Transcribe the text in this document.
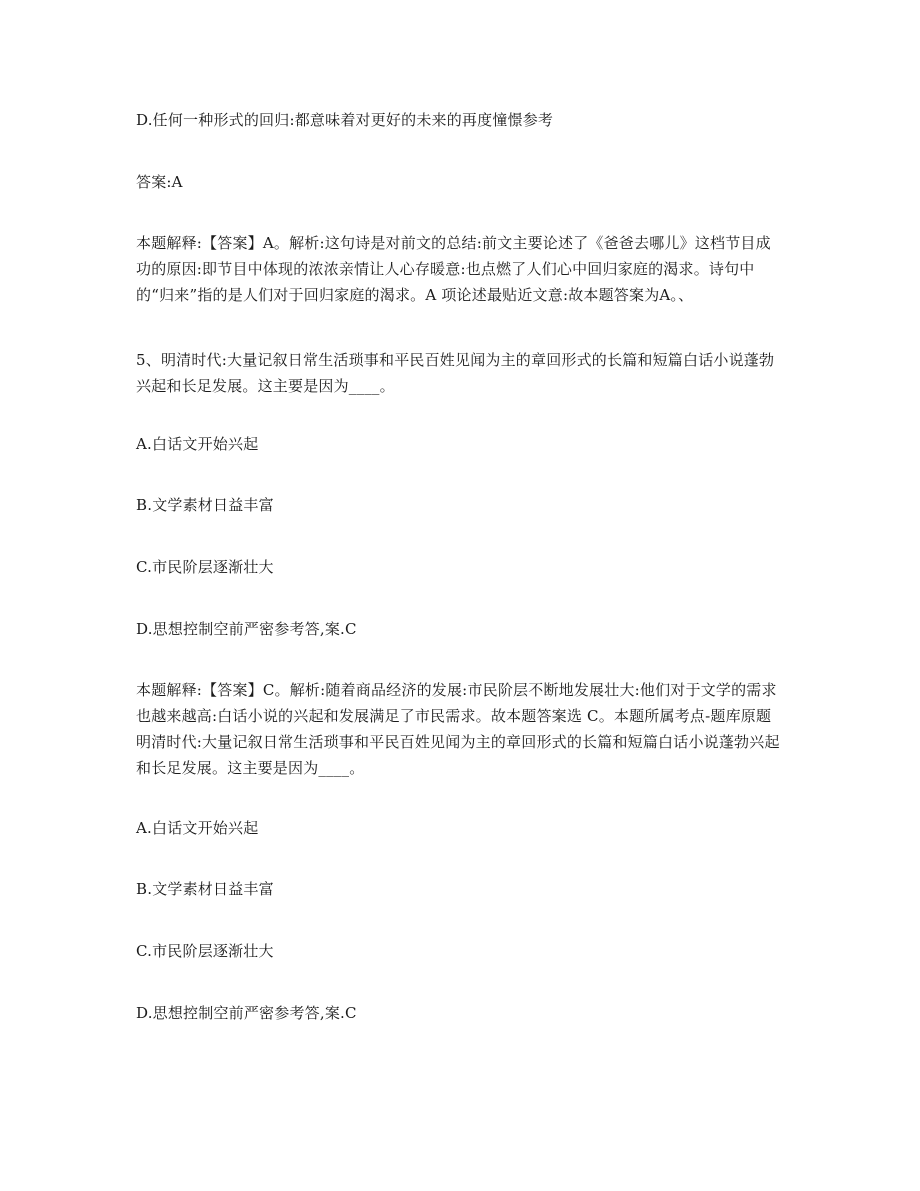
D.任何一种形式的回归:都意味着对更好的未来的再度憧憬参考

答案:A

本题解释:【答案】A。解析:这句诗是对前文的总结:前文主要论述了《爸爸去哪儿》这档节目成功的原因:即节目中体现的浓浓亲情让人心存暖意:也点燃了人们心中回归家庭的渴求。诗句中的“归来”指的是人们对于回归家庭的渴求。A 项论述最贴近文意:故本题答案为A。、

5、明清时代:大量记叙日常生活琐事和平民百姓见闻为主的章回形式的长篇和短篇白话小说蓬勃兴起和长足发展。这主要是因为____。

A.白话文开始兴起

B.文学素材日益丰富

C.市民阶层逐渐壮大

D.思想控制空前严密参考答,案.C

本题解释:【答案】C。解析:随着商品经济的发展:市民阶层不断地发展壮大:他们对于文学的需求也越来越高:白话小说的兴起和发展满足了市民需求。故本题答案选 C。本题所属考点-题库原题明清时代:大量记叙日常生活琐事和平民百姓见闻为主的章回形式的长篇和短篇白话小说蓬勃兴起和长足发展。这主要是因为____。

A.白话文开始兴起

B.文学素材日益丰富

C.市民阶层逐渐壮大

D.思想控制空前严密参考答,案.C
